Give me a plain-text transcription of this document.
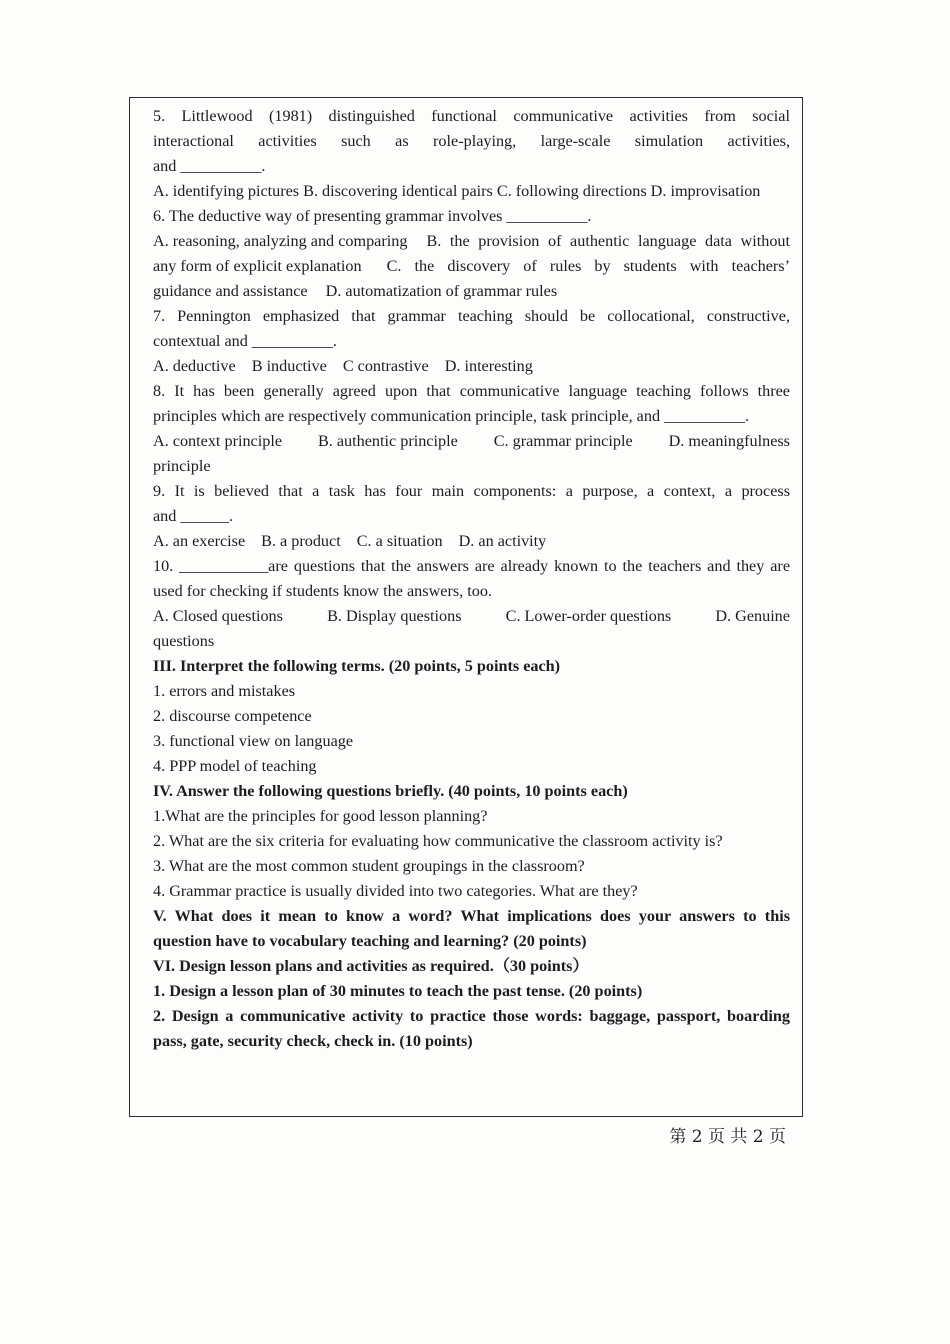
5. Littlewood (1981) distinguished functional communicative activities from social
interactional activities such as role-playing, large-scale simulation activities,
and __________.
A. identifying pictures B. discovering identical pairs C. following directions D. improvisation
6. The deductive way of presenting grammar involves __________.
A. reasoning, analyzing and comparing B. the provision of authentic language data without
any form of explicit explanation C. the discovery of rules by students with teachers’
guidance and assistance D. automatization of grammar rules
7. Pennington emphasized that grammar teaching should be collocational, constructive,
contextual and __________.
A. deductive B inductive C contrastive D. interesting
8. It has been generally agreed upon that communicative language teaching follows three
principles which are respectively communication principle, task principle, and __________.
A. context principle B. authentic principle C. grammar principle D. meaningfulness
principle
9. It is believed that a task has four main components: a purpose, a context, a process
and ______.
A. an exercise B. a product C. a situation D. an activity
10. ___________are questions that the answers are already known to the teachers and they are
used for checking if students know the answers, too.
A. Closed questions	B. Display questions	C. Lower-order questions	D. Genuine
questions
III. Interpret the following terms. (20 points, 5 points each)
1. errors and mistakes
2. discourse competence
3. functional view on language
4. PPP model of teaching
IV. Answer the following questions briefly. (40 points, 10 points each)
1.What are the principles for good lesson planning?
2. What are the six criteria for evaluating how communicative the classroom activity is?
3. What are the most common student groupings in the classroom?
4. Grammar practice is usually divided into two categories. What are they?
V. What does it mean to know a word? What implications does your answers to this
question have to vocabulary teaching and learning? (20 points)
VI. Design lesson plans and activities as required.（30 points）
1. Design a lesson plan of 30 minutes to teach the past tense. (20 points)
2. Design a communicative activity to practice those words: baggage, passport, boarding
pass, gate, security check, check in. (10 points)
第 2 页 共 2 页
